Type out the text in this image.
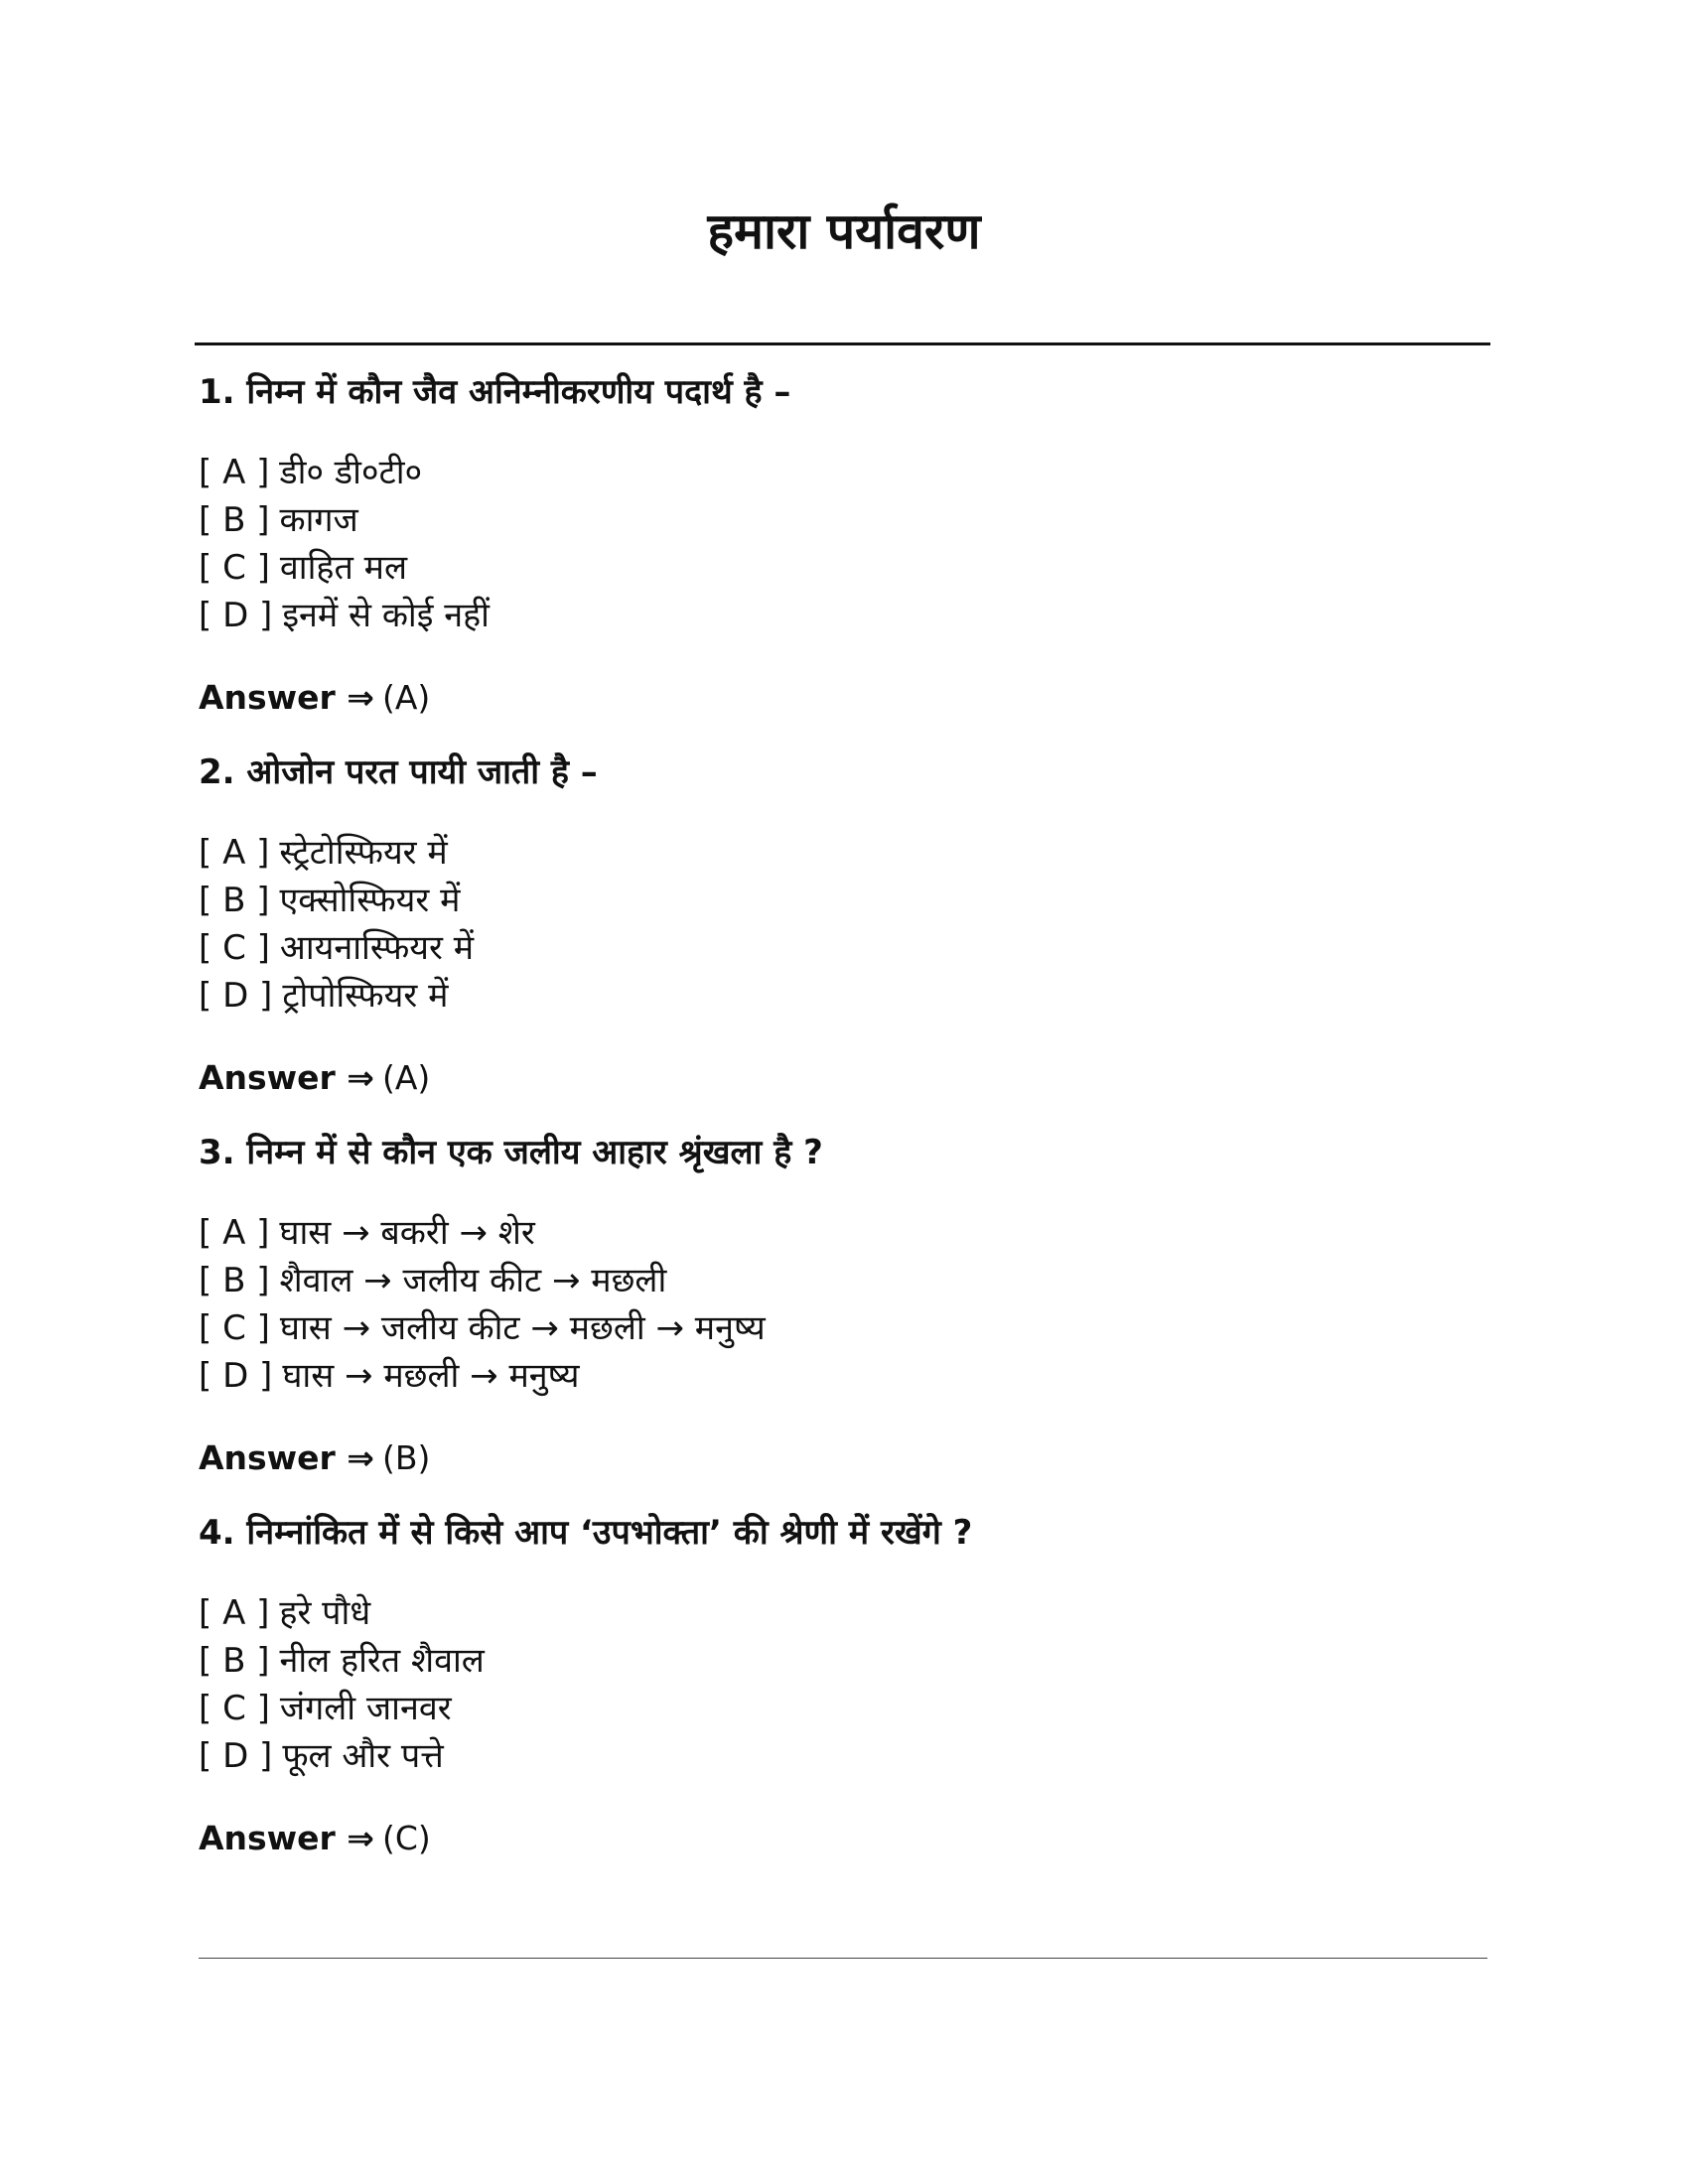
हमारा पर्यावरण

1. निम्न में कौन जैव अनिम्नीकरणीय पदार्थ है –

[ A ] डी० डी०टी०
[ B ] कागज
[ C ] वाहित मल
[ D ] इनमें से कोई नहीं
Answer ⇒ (A)

2. ओजोन परत पायी जाती है –

[ A ] स्ट्रेटोस्फियर में
[ B ] एक्सोस्फियर में
[ C ] आयनास्फियर में
[ D ] ट्रोपोस्फियर में
Answer ⇒ (A)

3. निम्न में से कौन एक जलीय आहार श्रृंखला है ?

[ A ] घास → बकरी → शेर
[ B ] शैवाल → जलीय कीट → मछली
[ C ] घास → जलीय कीट → मछली → मनुष्य
[ D ] घास → मछली → मनुष्य
Answer ⇒ (B)

4. निम्नांकित में से किसे आप ‘उपभोक्ता’ की श्रेणी में रखेंगे ?

[ A ] हरे पौधे
[ B ] नील हरित शैवाल
[ C ] जंगली जानवर
[ D ] फूल और पत्ते
Answer ⇒ (C)
